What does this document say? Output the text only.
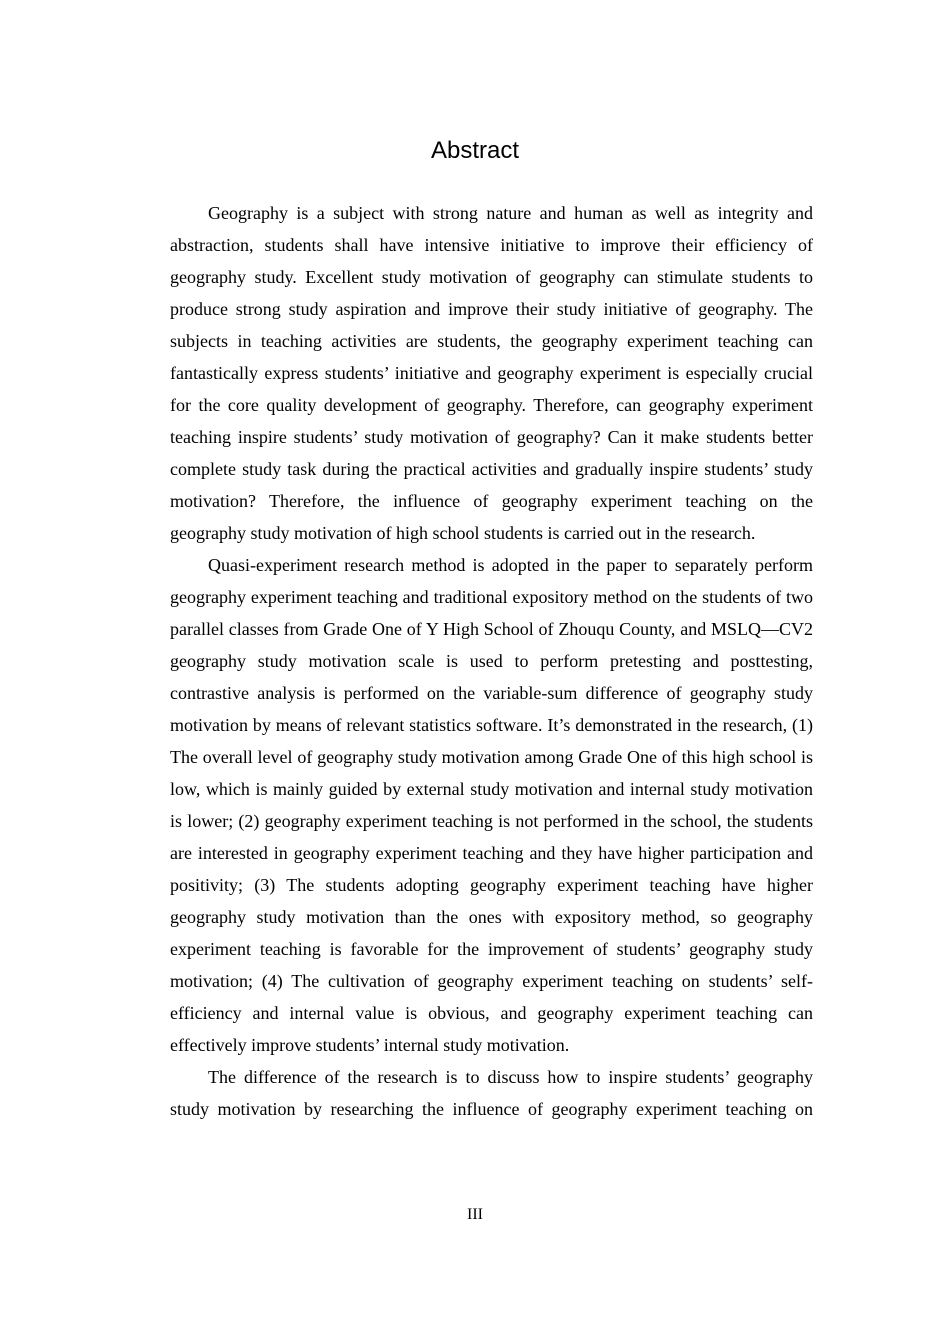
Abstract

Geography is a subject with strong nature and human as well as integrity and abstraction, students shall have intensive initiative to improve their efficiency of geography study. Excellent study motivation of geography can stimulate students to produce strong study aspiration and improve their study initiative of geography. The subjects in teaching activities are students, the geography experiment teaching can fantastically express students’ initiative and geography experiment is especially crucial for the core quality development of geography. Therefore, can geography experiment teaching inspire students’ study motivation of geography? Can it make students better complete study task during the practical activities and gradually inspire students’ study motivation? Therefore, the influence of geography experiment teaching on the geography study motivation of high school students is carried out in the research.

Quasi-experiment research method is adopted in the paper to separately perform geography experiment teaching and traditional expository method on the students of two parallel classes from Grade One of Y High School of Zhouqu County, and MSLQ—CV2 geography study motivation scale is used to perform pretesting and posttesting, contrastive analysis is performed on the variable-sum difference of geography study motivation by means of relevant statistics software. It’s demonstrated in the research, (1) The overall level of geography study motivation among Grade One of this high school is low, which is mainly guided by external study motivation and internal study motivation is lower; (2) geography experiment teaching is not performed in the school, the students are interested in geography experiment teaching and they have higher participation and positivity; (3) The students adopting geography experiment teaching have higher geography study motivation than the ones with expository method, so geography experiment teaching is favorable for the improvement of students’ geography study motivation; (4) The cultivation of geography experiment teaching on students’ self-efficiency and internal value is obvious, and geography experiment teaching can effectively improve students’ internal study motivation.

The difference of the research is to discuss how to inspire students’ geography study motivation by researching the influence of geography experiment teaching on

III
